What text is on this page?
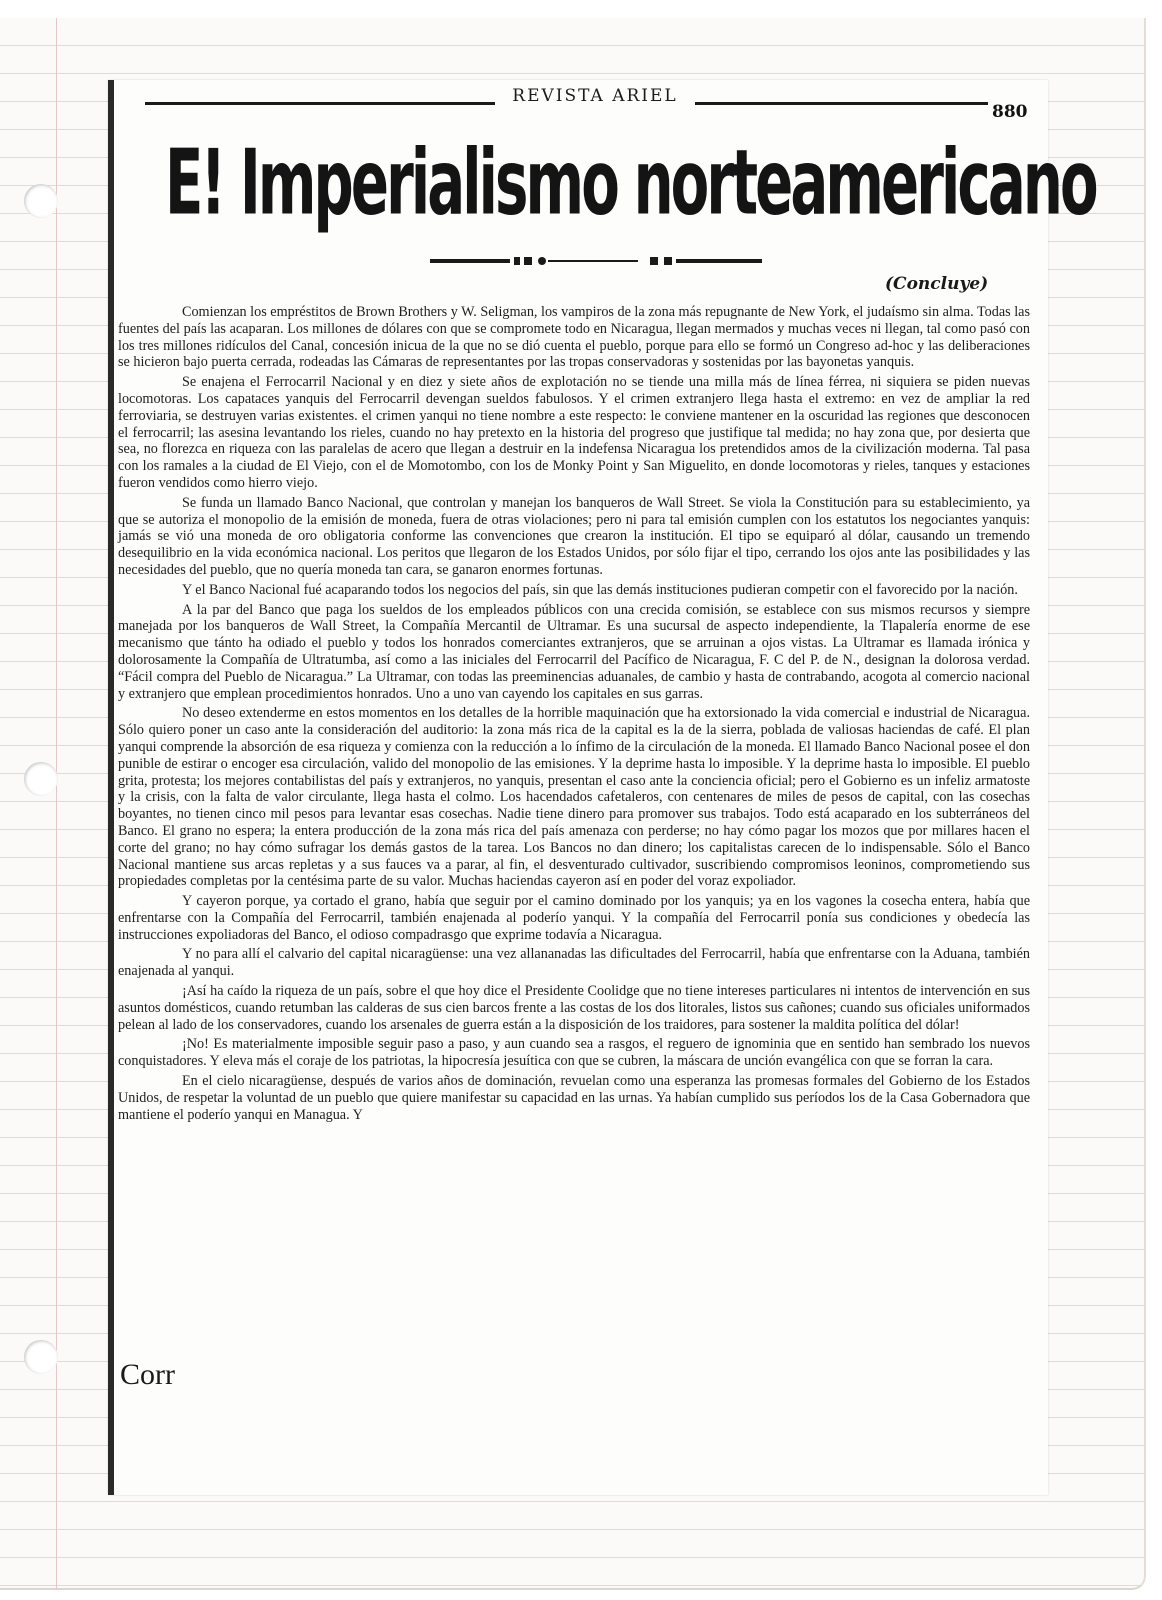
REVISTA ARIEL
880
E! Imperialismo norteamericano
(Concluye)

Comienzan los empréstitos de Brown Brothers y W. Seligman, los vampiros de la zona más repugnante de New York, el judaísmo sin alma. Todas las fuentes del país las acaparan. Los millones de dólares con que se compromete todo en Nicaragua, llegan mermados y muchas veces ni llegan, tal como pasó con los tres millones ridículos del Canal, concesión inicua de la que no se dió cuenta el pueblo, porque para ello se formó un Congreso ad-hoc y las deliberaciones se hicieron bajo puerta cerrada, rodeadas las Cámaras de representantes por las tropas conservadoras y sostenidas por las bayonetas yanquis.

Se enajena el Ferrocarril Nacional y en diez y siete años de explotación no se tiende una milla más de línea férrea, ni siquiera se piden nuevas locomotoras. Los capataces yanquis del Ferrocarril devengan sueldos fabulosos. Y el crimen extranjero llega hasta el extremo: en vez de ampliar la red ferroviaria, se destruyen varias existentes. el crimen yanqui no tiene nombre a este respecto: le conviene mantener en la oscuridad las regiones que desconocen el ferrocarril; las asesina levantando los rieles, cuando no hay pretexto en la historia del progreso que justifique tal medida; no hay zona que, por desierta que sea, no florezca en riqueza con las paralelas de acero que llegan a destruir en la indefensa Nicaragua los pretendidos amos de la civilización moderna. Tal pasa con los ramales a la ciudad de El Viejo, con el de Momotombo, con los de Monky Point y San Miguelito, en donde locomotoras y rieles, tanques y estaciones fueron vendidos como hierro viejo.

Se funda un llamado Banco Nacional, que controlan y manejan los banqueros de Wall Street. Se viola la Constitución para su establecimiento, ya que se autoriza el monopolio de la emisión de moneda, fuera de otras violaciones; pero ni para tal emisión cumplen con los estatutos los negociantes yanquis: jamás se vió una moneda de oro obligatoria conforme las convenciones que crearon la institución. El tipo se equiparó al dólar, causando un tremendo desequilibrio en la vida económica nacional. Los peritos que llegaron de los Estados Unidos, por sólo fijar el tipo, cerrando los ojos ante las posibilidades y las necesidades del pueblo, que no quería moneda tan cara, se ganaron enormes fortunas.

Y el Banco Nacional fué acaparando todos los negocios del país, sin que las demás instituciones pudieran competir con el favorecido por la nación.

A la par del Banco que paga los sueldos de los empleados públicos con una crecida comisión, se establece con sus mismos recursos y siempre manejada por los banqueros de Wall Street, la Compañía Mercantil de Ultramar. Es una sucursal de aspecto independiente, la Tlapalería enorme de ese mecanismo que tánto ha odiado el pueblo y todos los honrados comerciantes extranjeros, que se arruinan a ojos vistas. La Ultramar es llamada irónica y dolorosamente la Compañía de Ultratumba, así como a las iniciales del Ferrocarril del Pacífico de Nicaragua, F. C del P. de N., designan la dolorosa verdad. “Fácil compra del Pueblo de Nicaragua.” La Ultramar, con todas las preeminencias aduanales, de cambio y hasta de contrabando, acogota al comercio nacional y extranjero que emplean procedimientos honrados. Uno a uno van cayendo los capitales en sus garras.

No deseo extenderme en estos momentos en los detalles de la horrible maquinación que ha extorsionado la vida comercial e industrial de Nicaragua. Sólo quiero poner un caso ante la consideración del auditorio: la zona más rica de la capital es la de la sierra, poblada de valiosas haciendas de café. El plan yanqui comprende la absorción de esa riqueza y comienza con la reducción a lo ínfimo de la circulación de la moneda. El llamado Banco Nacional posee el don punible de estirar o encoger esa circulación, valido del monopolio de las emisiones. Y la deprime hasta lo imposible. Y la deprime hasta lo imposible. El pueblo grita, protesta; los mejores contabilistas del país y extranjeros, no yanquis, presentan el caso ante la conciencia oficial; pero el Gobierno es un infeliz armatoste y la crisis, con la falta de valor circulante, llega hasta el colmo. Los hacendados cafetaleros, con centenares de miles de pesos de capital, con las cosechas boyantes, no tienen cinco mil pesos para levantar esas cosechas. Nadie tiene dinero para promover sus trabajos. Todo está acaparado en los subterráneos del Banco. El grano no espera; la entera producción de la zona más rica del país amenaza con perderse; no hay cómo pagar los mozos que por millares hacen el corte del grano; no hay cómo sufragar los demás gastos de la tarea. Los Bancos no dan dinero; los capitalistas carecen de lo indispensable. Sólo el Banco Nacional mantiene sus arcas repletas y a sus fauces va a parar, al fin, el desventurado cultivador, suscribiendo compromisos leoninos, comprometiendo sus propiedades completas por la centésima parte de su valor. Muchas haciendas cayeron así en poder del voraz expoliador.

Y cayeron porque, ya cortado el grano, había que seguir por el camino dominado por los yanquis; ya en los vagones la cosecha entera, había que enfrentarse con la Compañía del Ferrocarril, también enajenada al poderío yanqui. Y la compañía del Ferrocarril ponía sus condiciones y obedecía las instrucciones expoliadoras del Banco, el odioso compadrasgo que exprime todavía a Nicaragua.

Y no para allí el calvario del capital nicaragüense: una vez allananadas las dificultades del Ferrocarril, había que enfrentarse con la Aduana, también enajenada al yanqui.

¡Así ha caído la riqueza de un país, sobre el que hoy dice el Presidente Coolidge que no tiene intereses particulares ni intentos de intervención en sus asuntos domésticos, cuando retumban las calderas de sus cien barcos frente a las costas de los dos litorales, listos sus cañones; cuando sus oficiales uniformados pelean al lado de los conservadores, cuando los arsenales de guerra están a la disposición de los traidores, para sostener la maldita política del dólar!

¡No! Es materialmente imposible seguir paso a paso, y aun cuando sea a rasgos, el reguero de ignominia que en sentido han sembrado los nuevos conquistadores. Y eleva más el coraje de los patriotas, la hipocresía jesuítica con que se cubren, la máscara de unción evangélica con que se forran la cara.

En el cielo nicaragüense, después de varios años de dominación, revuelan como una esperanza las promesas formales del Gobierno de los Estados Unidos, de respetar la voluntad de un pueblo que quiere manifestar su capacidad en las urnas. Ya habían cumplido sus períodos los de la Casa Gobernadora que mantiene el poderío yanqui en Managua. Y

Corr
